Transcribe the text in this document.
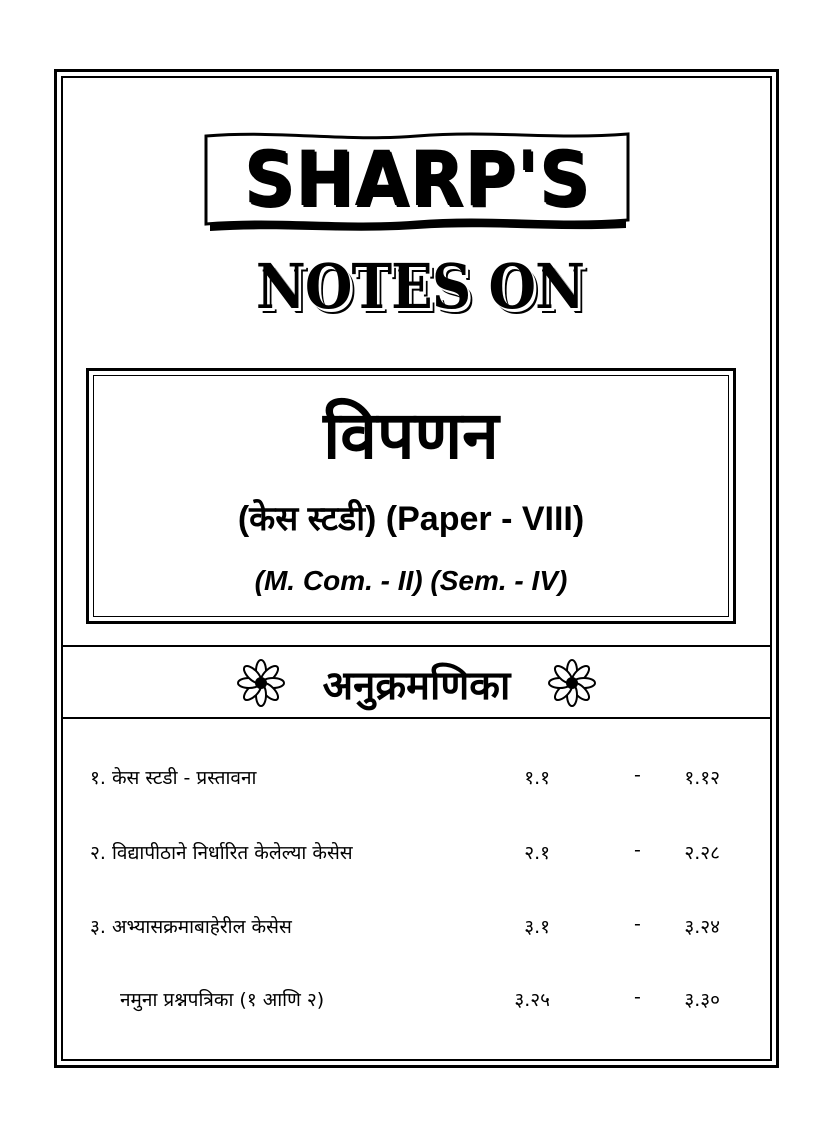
SHARP'S
NOTES ON
विपणन
(केस स्टडी) (Paper - VIII)
(M. Com. - II) (Sem. - IV)
अनुक्रमणिका
१. केस स्टडी - प्रस्तावना	१.१	- १.१२
२. विद्यापीठाने निर्धारित केलेल्या केसेस	२.१	- २.२८
३. अभ्यासक्रमाबाहेरील केसेस	३.१	- ३.२४
नमुना प्रश्नपत्रिका (१ आणि २)	३.२५	- ३.३०
